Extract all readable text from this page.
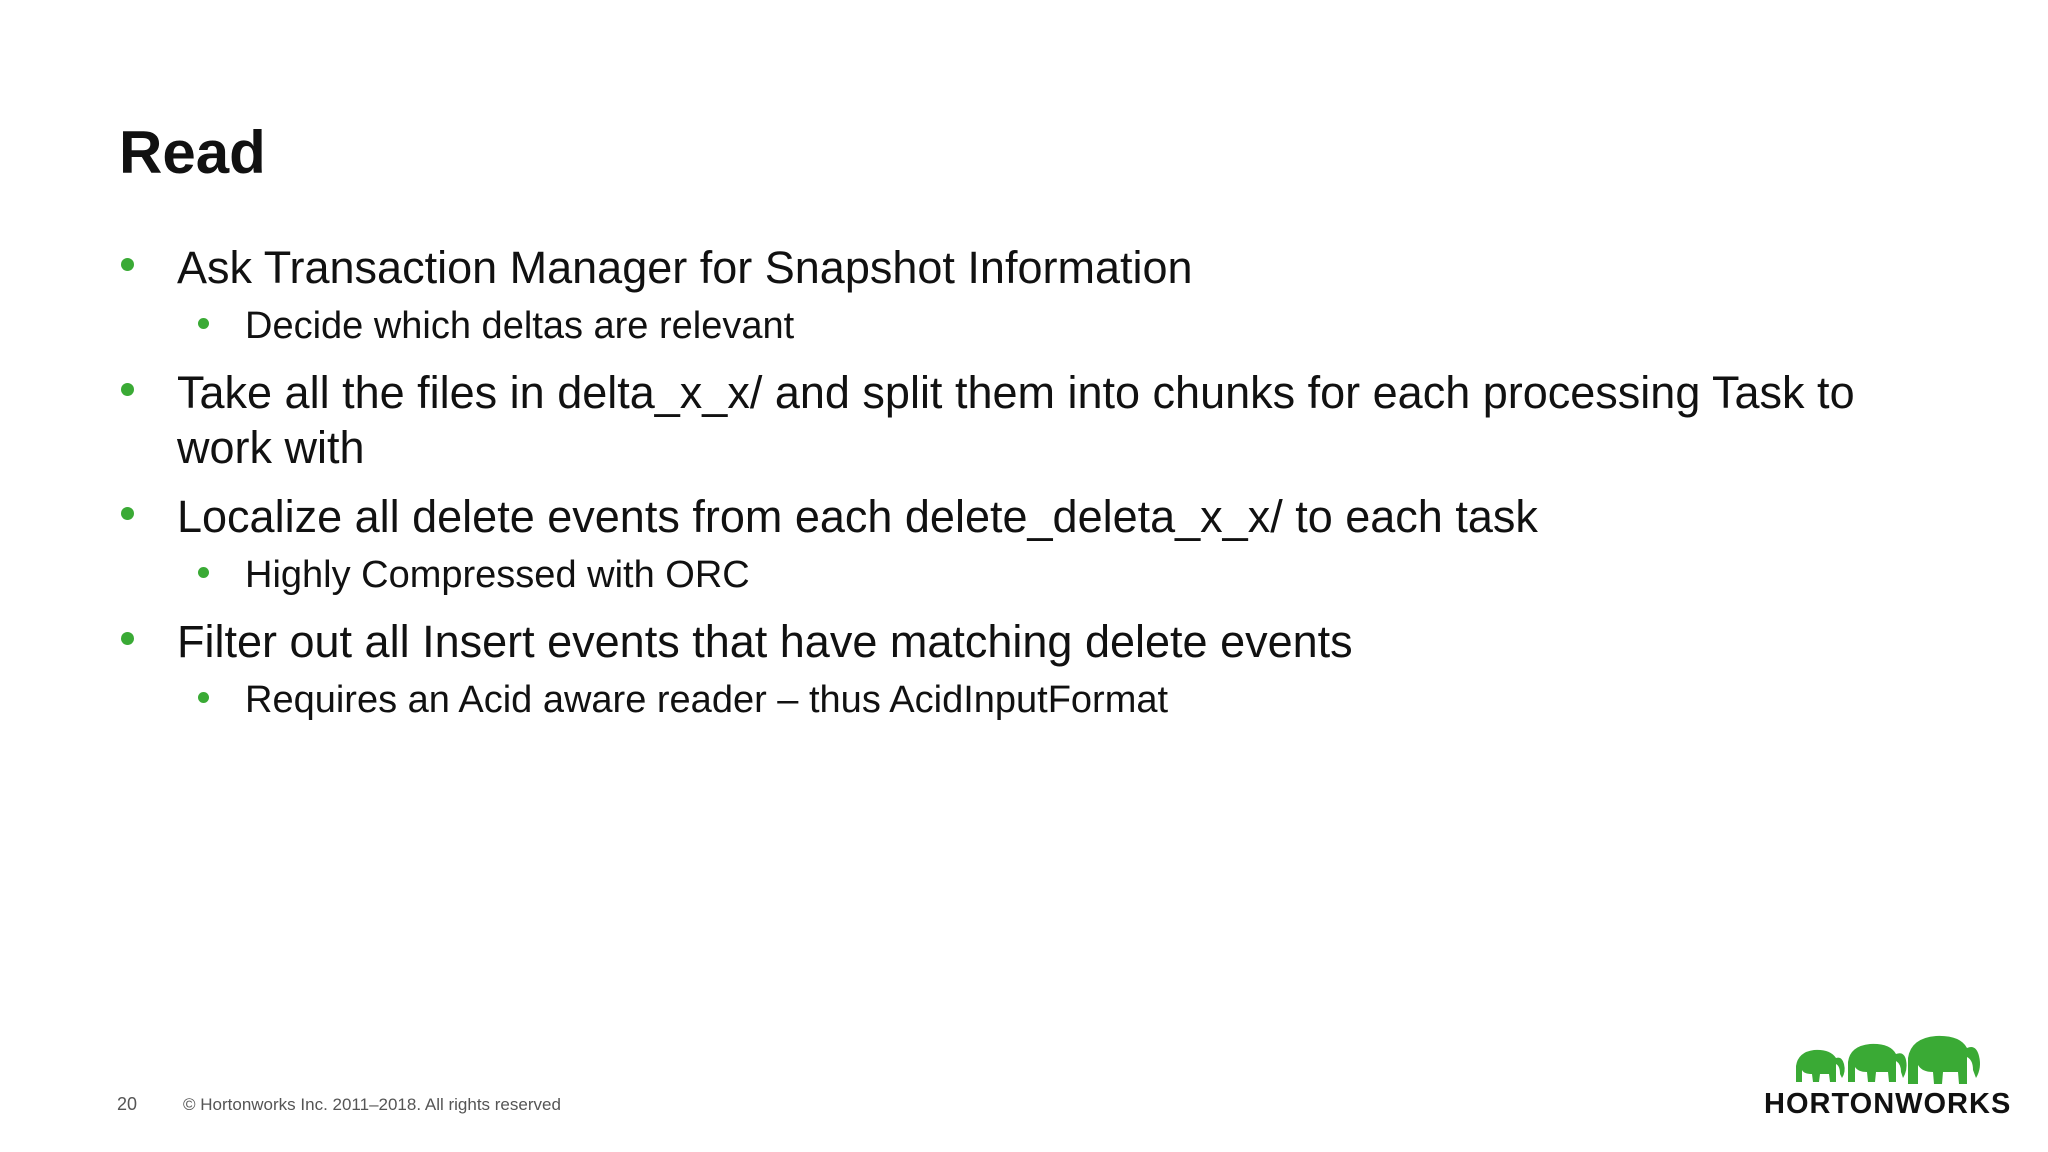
Read
Ask Transaction Manager for Snapshot Information
Decide which deltas are relevant
Take all the files in delta_x_x/ and split them into chunks for each processing Task to work with
Localize all delete events from each delete_deleta_x_x/ to each task
Highly Compressed with ORC
Filter out all Insert events that have matching delete events
Requires an Acid aware reader – thus AcidInputFormat
20	© Hortonworks Inc. 2011–2018. All rights reserved	HORTONWORKS
